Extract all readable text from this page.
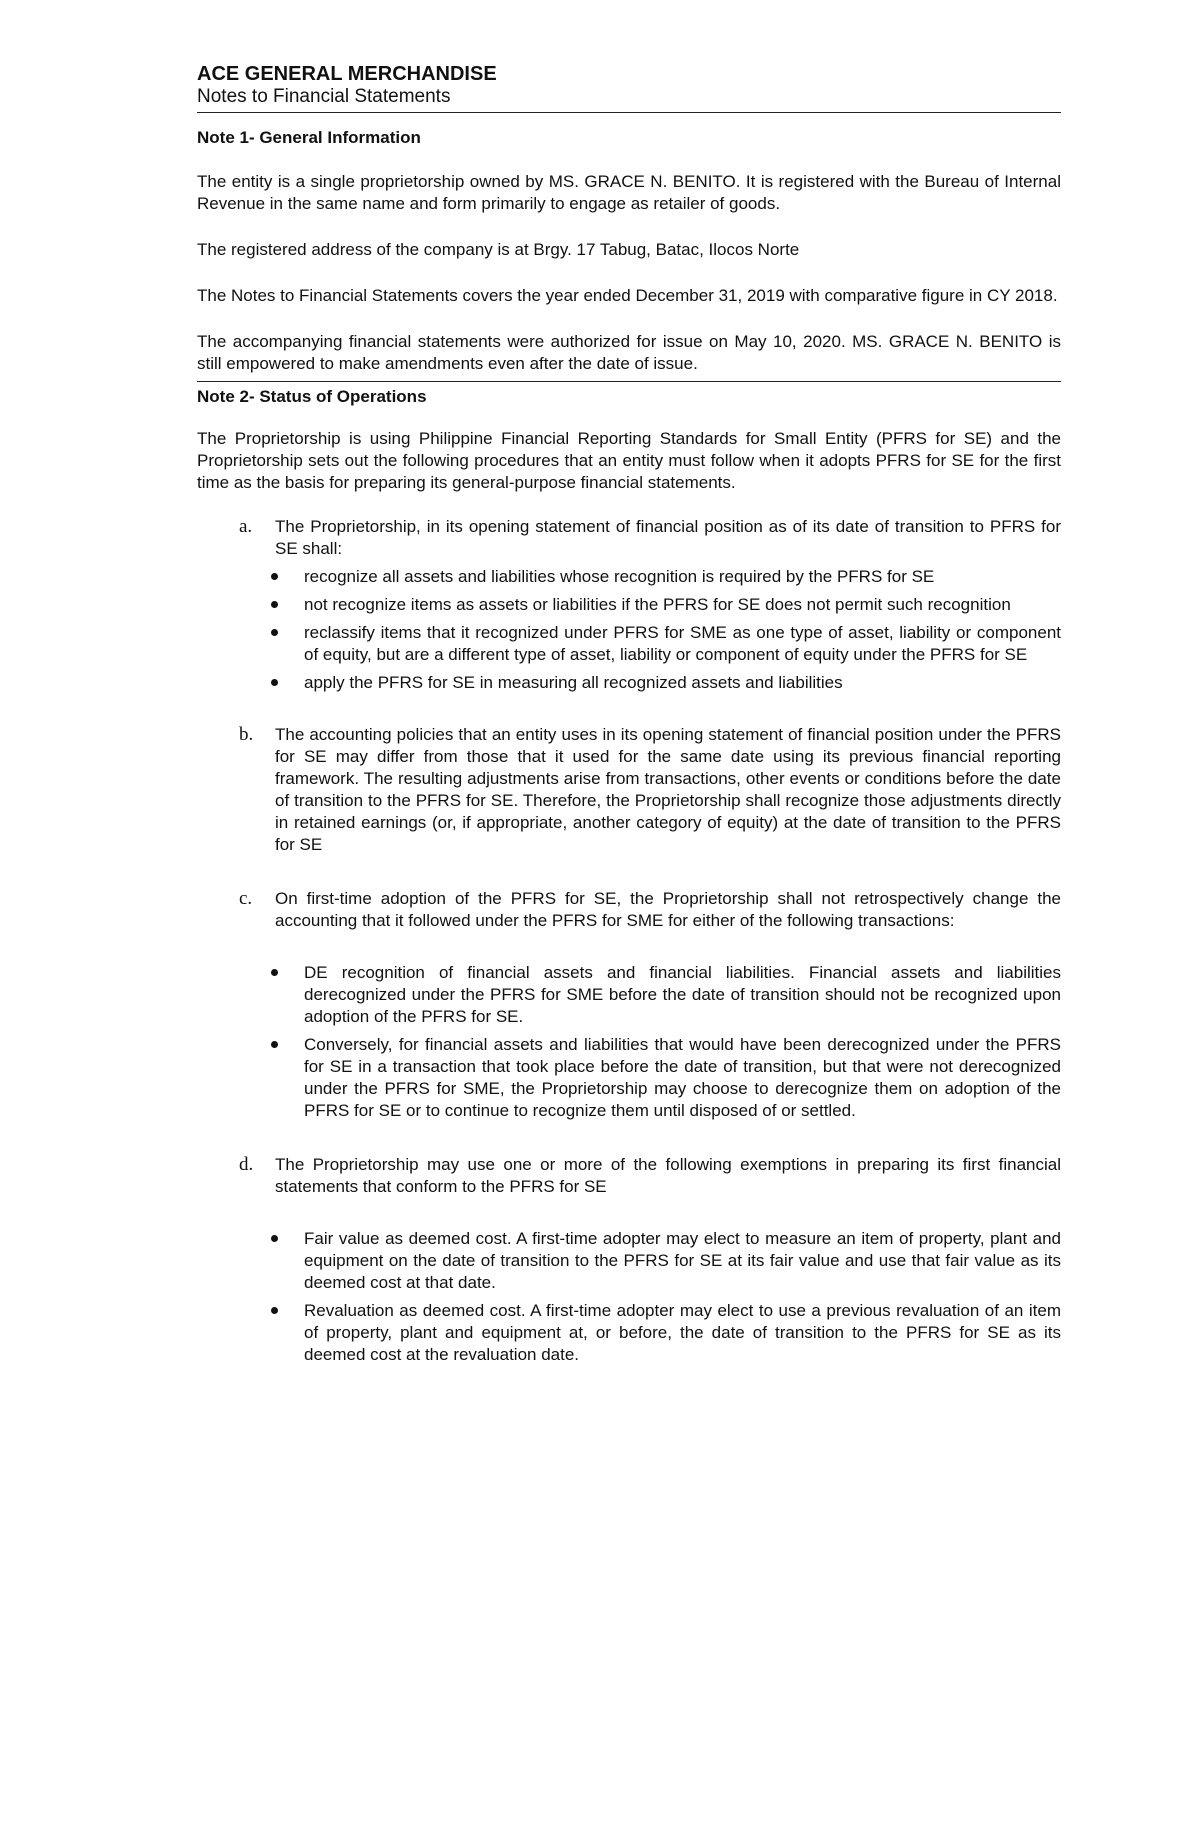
ACE GENERAL MERCHANDISE
Notes to Financial Statements
Note 1- General Information

The entity is a single proprietorship owned by MS. GRACE N. BENITO. It is registered with the Bureau of Internal Revenue in the same name and form primarily to engage as retailer of goods.

The registered address of the company is at Brgy. 17 Tabug, Batac, Ilocos Norte

The Notes to Financial Statements covers the year ended December 31, 2019 with comparative figure in CY 2018.

The accompanying financial statements were authorized for issue on May 10, 2020. MS. GRACE N. BENITO is still empowered to make amendments even after the date of issue.

Note 2- Status of Operations

The Proprietorship is using Philippine Financial Reporting Standards for Small Entity (PFRS for SE) and the Proprietorship sets out the following procedures that an entity must follow when it adopts PFRS for SE for the first time as the basis for preparing its general-purpose financial statements.

a. The Proprietorship, in its opening statement of financial position as of its date of transition to PFRS for SE shall:

recognize all assets and liabilities whose recognition is required by the PFRS for SE
not recognize items as assets or liabilities if the PFRS for SE does not permit such recognition
reclassify items that it recognized under PFRS for SME as one type of asset, liability or component of equity, but are a different type of asset, liability or component of equity under the PFRS for SE
apply the PFRS for SE in measuring all recognized assets and liabilities
b. The accounting policies that an entity uses in its opening statement of financial position under the PFRS for SE may differ from those that it used for the same date using its previous financial reporting framework. The resulting adjustments arise from transactions, other events or conditions before the date of transition to the PFRS for SE. Therefore, the Proprietorship shall recognize those adjustments directly in retained earnings (or, if appropriate, another category of equity) at the date of transition to the PFRS for SE

c. On first-time adoption of the PFRS for SE, the Proprietorship shall not retrospectively change the accounting that it followed under the PFRS for SME for either of the following transactions:

DE recognition of financial assets and financial liabilities. Financial assets and liabilities derecognized under the PFRS for SME before the date of transition should not be recognized upon adoption of the PFRS for SE.
Conversely, for financial assets and liabilities that would have been derecognized under the PFRS for SE in a transaction that took place before the date of transition, but that were not derecognized under the PFRS for SME, the Proprietorship may choose to derecognize them on adoption of the PFRS for SE or to continue to recognize them until disposed of or settled.
d. The Proprietorship may use one or more of the following exemptions in preparing its first financial statements that conform to the PFRS for SE

Fair value as deemed cost. A first-time adopter may elect to measure an item of property, plant and equipment on the date of transition to the PFRS for SE at its fair value and use that fair value as its deemed cost at that date.
Revaluation as deemed cost. A first-time adopter may elect to use a previous revaluation of an item of property, plant and equipment at, or before, the date of transition to the PFRS for SE as its deemed cost at the revaluation date.
